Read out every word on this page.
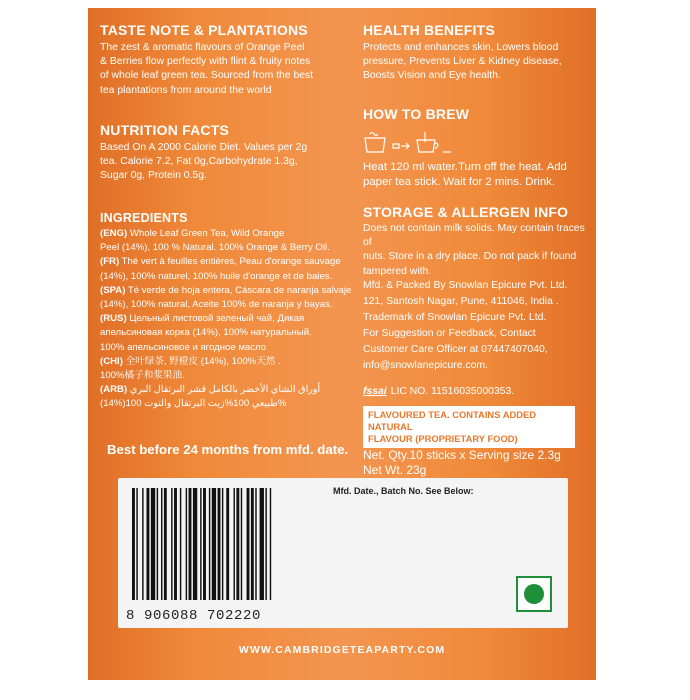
TASTE NOTE & PLANTATIONS
The zest & aromatic flavours of Orange Peel
& Berries flow perfectly with flint & fruity notes
of whole leaf green tea. Sourced from the best
tea plantations from around the world
NUTRITION FACTS
Based On A 2000 Calorie Diet. Values per 2g
tea. Calorie 7.2, Fat 0g,Carbohydrate 1.3g,
Sugar 0g, Protein 0.5g.
INGREDIENTS
(ENG) Whole Leaf Green Tea, Wild Orange
Peel (14%), 100 % Natural. 100% Orange & Berry Oil.
(FR) Thé vert à feuilles entières, Peau d'orange sauvage
(14%), 100% naturel, 100% huile d'orange et de baies.
(SPA) Té verde de hoja entera, Cáscara de naranja salvaje
(14%), 100% natural, Aceite 100% de naranja y bayas.
(RUS) Цельный листовой зеленый чай, Дикая
апельсиновая корка (14%), 100% натуральный.
100% апельсиновое и ягодное масло
(CHI) 全叶绿茶, 野橙皮 (14%), 100%天然 .
100%橘子和浆果油.
(ARB)	أوراق الشاي الأخضر بالكامل قشر البرتقال البري
(14%)طبيعي 100%زيت البرتقال والتوت 100%
Best before 24 months from mfd. date.
HEALTH BENEFITS
Protects and enhances skin, Lowers blood
pressure, Prevents Liver & Kidney disease,
Boosts Vision and Eye health.
HOW TO BREW
Heat 120 ml water.Turn off the heat. Add
paper tea stick. Wait for 2 mins. Drink.
STORAGE & ALLERGEN INFO
Does not contain milk solids. May contain traces of
nuts. Store in a dry place. Do not pack if found
tampered with.
Mfd. & Packed By Snowlan Epicure Pvt. Ltd.
121, Santosh Nagar, Pune, 411046, India .
Trademark of Snowlan Epicure Pvt. Ltd.
For Suggestion or Feedback, Contact
Customer Care Officer at 07447407040,
info@snowlanepicure.com.
fssai LIC NO. 11516035000353.
FLAVOURED TEA. CONTAINS ADDED NATURAL
FLAVOUR (PROPRIETARY FOOD)
Net. Qty.10 sticks x Serving size 2.3g
Net Wt. 23g
8 906088 702220
Mfd. Date., Batch No. See Below:
WWW.CAMBRIDGETEAPARTY.COM
